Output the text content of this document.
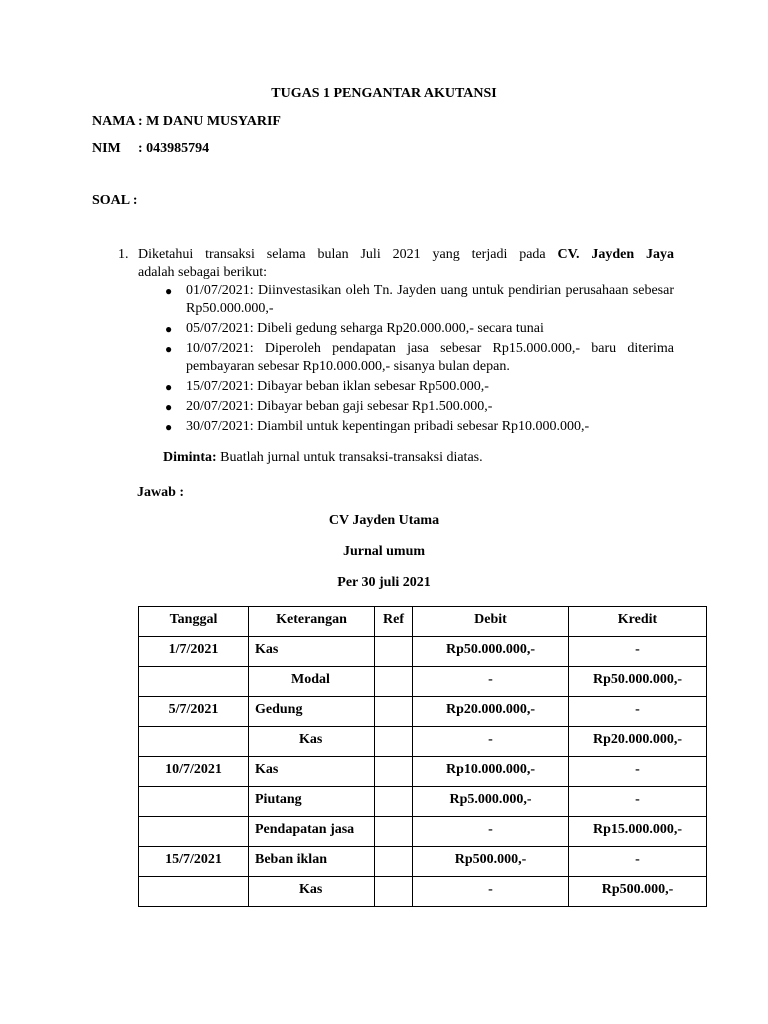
TUGAS 1 PENGANTAR AKUTANSI
NAMA : M DANU MUSYARIF
NIM : 043985794
SOAL :
1. Diketahui transaksi selama bulan Juli 2021 yang terjadi pada CV. Jayden Jaya
adalah sebagai berikut:
● 01/07/2021: Diinvestasikan oleh Tn. Jayden uang untuk pendirian perusahaan sebesar Rp50.000.000,-
● 05/07/2021: Dibeli gedung seharga Rp20.000.000,- secara tunai
● 10/07/2021: Diperoleh pendapatan jasa sebesar Rp15.000.000,- baru diterima pembayaran sebesar Rp10.000.000,- sisanya bulan depan.
● 15/07/2021: Dibayar beban iklan sebesar Rp500.000,-
● 20/07/2021: Dibayar beban gaji sebesar Rp1.500.000,-
● 30/07/2021: Diambil untuk kepentingan pribadi sebesar Rp10.000.000,-
Diminta: Buatlah jurnal untuk transaksi-transaksi diatas.
Jawab :
CV Jayden Utama
Jurnal umum
Per 30 juli 2021
Tanggal	Keterangan	Ref	Debit	Kredit
1/7/2021	Kas		Rp50.000.000,-	-
	Modal		-	Rp50.000.000,-
5/7/2021	Gedung		Rp20.000.000,-	-
	Kas		-	Rp20.000.000,-
10/7/2021	Kas		Rp10.000.000,-	-
	Piutang		Rp5.000.000,-	-
	Pendapatan jasa		-	Rp15.000.000,-
15/7/2021	Beban iklan		Rp500.000,-	-
	Kas		-	Rp500.000,-
